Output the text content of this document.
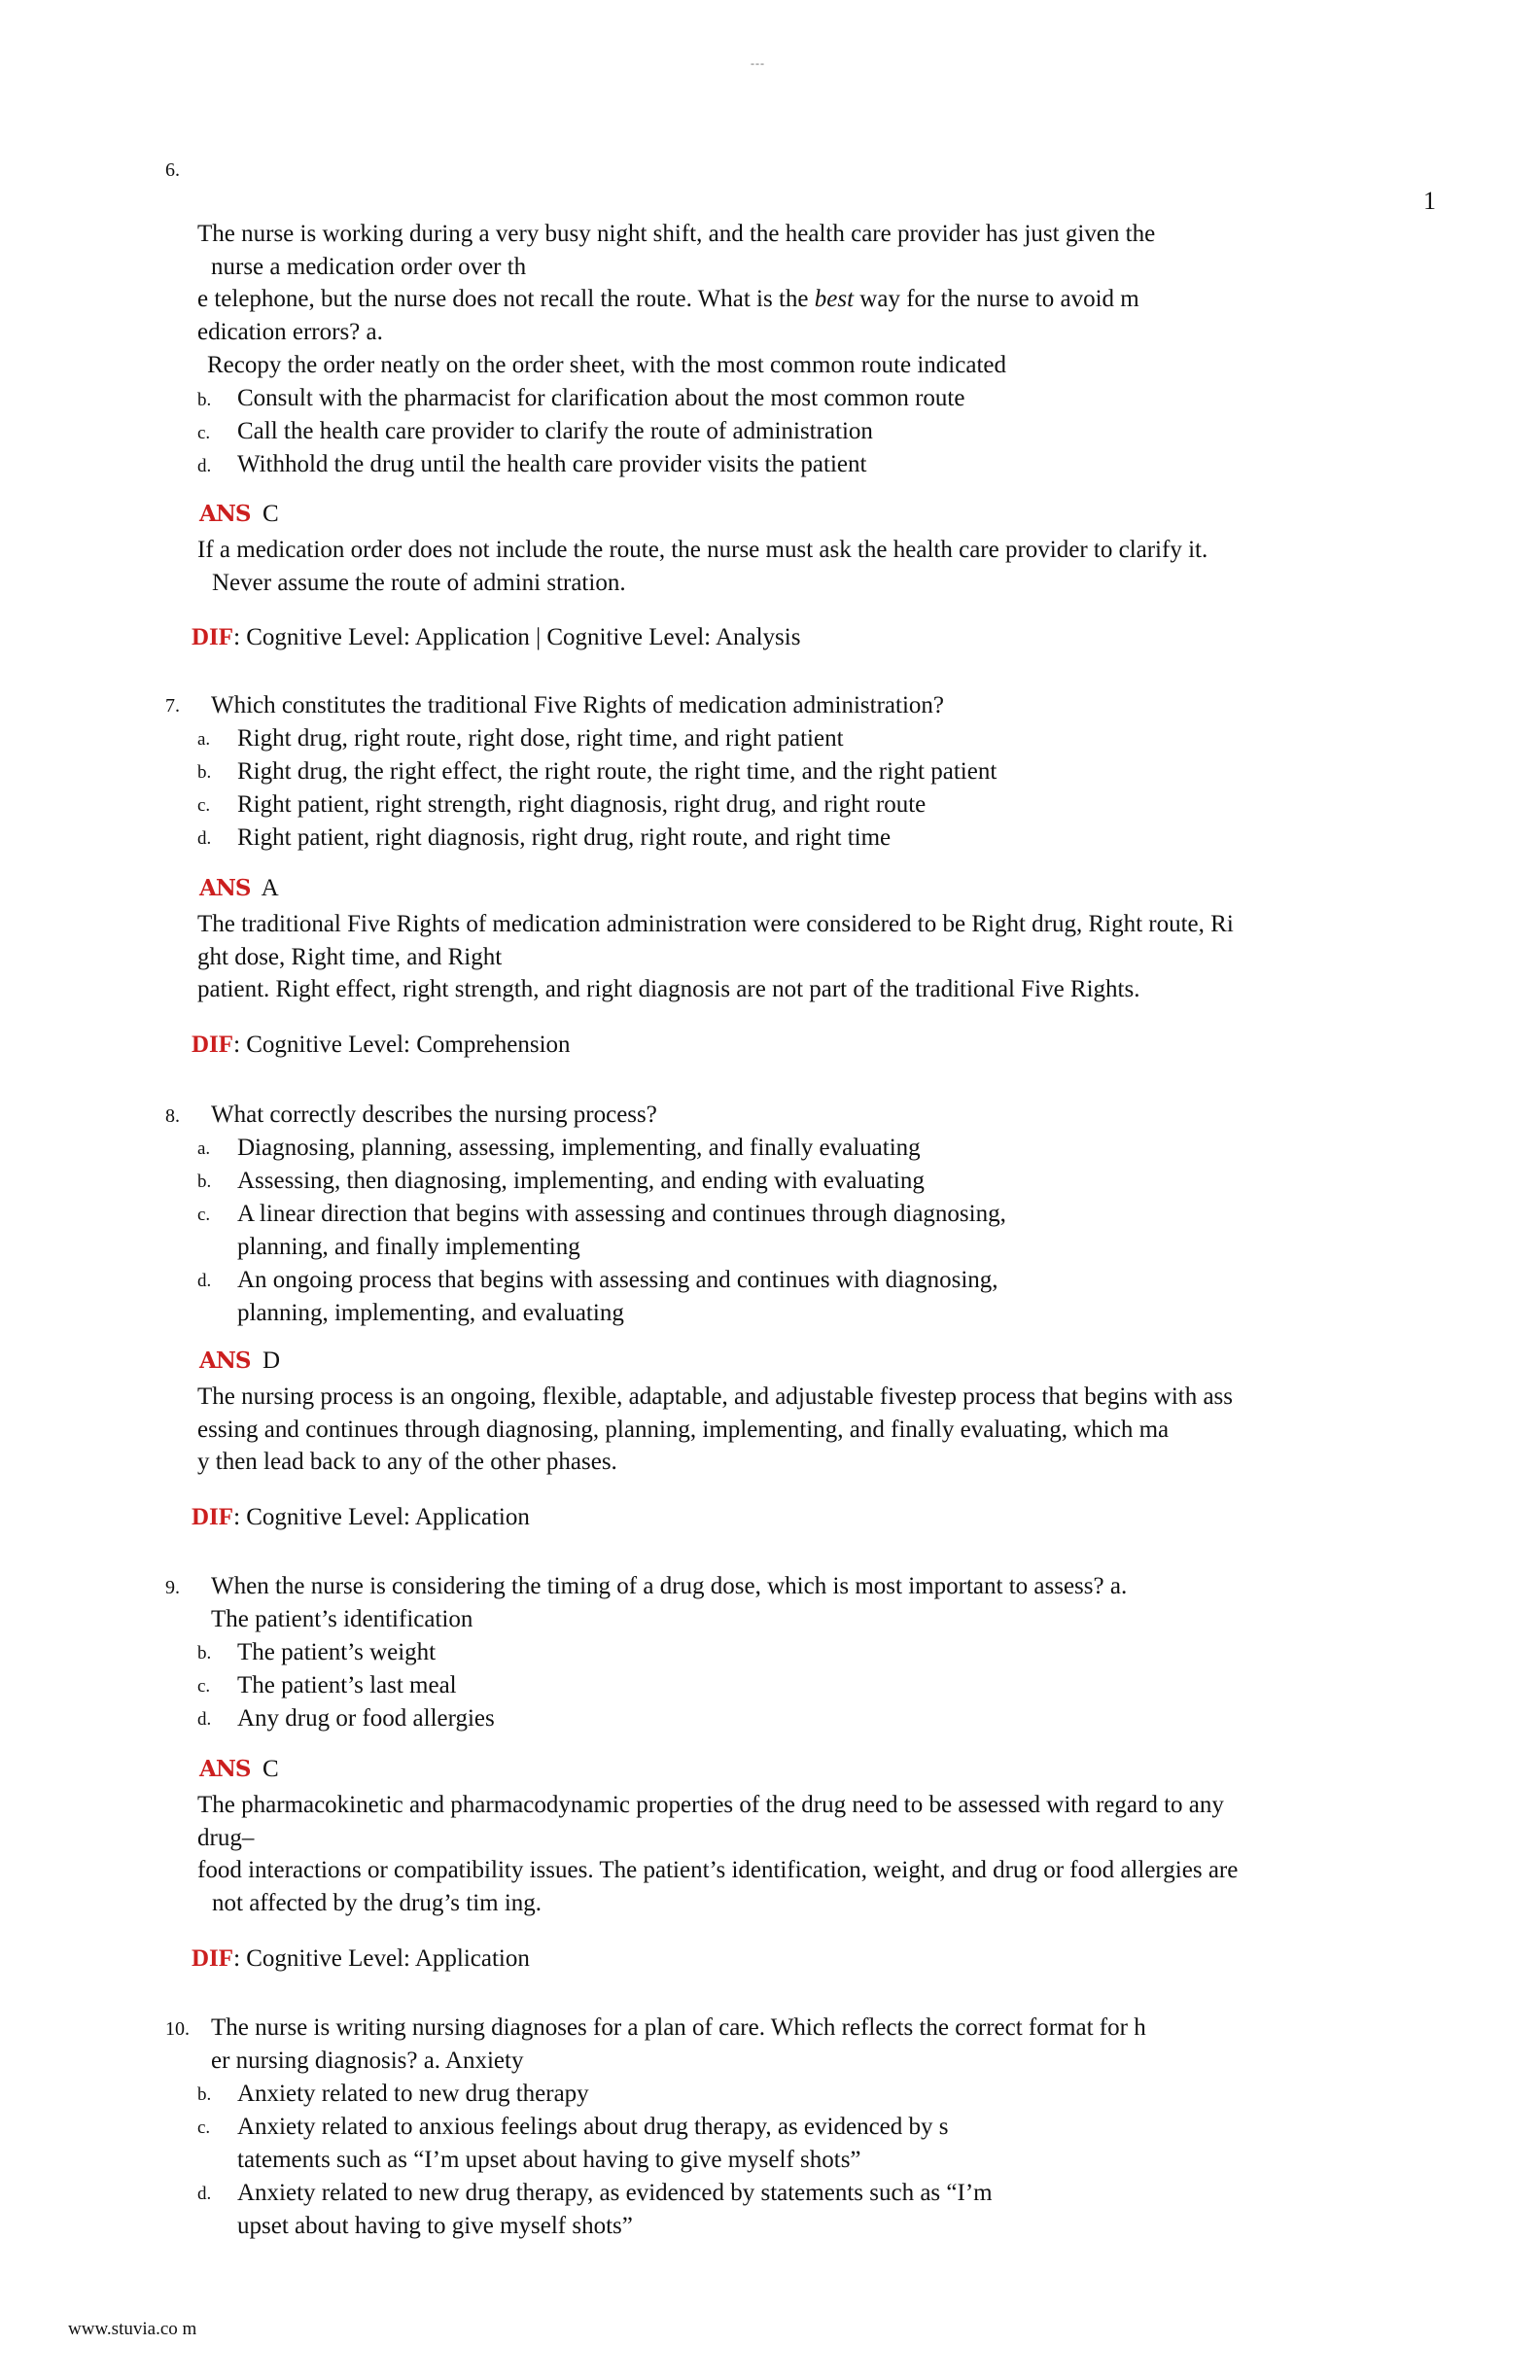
---
1
6.
The nurse is working during a very busy night shift, and the health care provider has just given the
nurse a medication order over th
e telephone, but the nurse does not recall the route. What is the best way for the nurse to avoid m
edication errors? a.
Recopy the order neatly on the order sheet, with the most common route indicated
b. Consult with the pharmacist for clarification about the most common route
c. Call the health care provider to clarify the route of administration
d. Withhold the drug until the health care provider visits the patient
ANS C
If a medication order does not include the route, the nurse must ask the health care provider to clarify it.
Never assume the route of admini stration.
DIF: Cognitive Level: Application | Cognitive Level: Analysis
7. Which constitutes the traditional Five Rights of medication administration?
a. Right drug, right route, right dose, right time, and right patient
b. Right drug, the right effect, the right route, the right time, and the right patient
c. Right patient, right strength, right diagnosis, right drug, and right route
d. Right patient, right diagnosis, right drug, right route, and right time
ANS A
The traditional Five Rights of medication administration were considered to be Right drug, Right route, Ri
ght dose, Right time, and Right
patient. Right effect, right strength, and right diagnosis are not part of the traditional Five Rights.
DIF: Cognitive Level: Comprehension
8. What correctly describes the nursing process?
a. Diagnosing, planning, assessing, implementing, and finally evaluating
b. Assessing, then diagnosing, implementing, and ending with evaluating
c. A linear direction that begins with assessing and continues through diagnosing,
planning, and finally implementing
d. An ongoing process that begins with assessing and continues with diagnosing,
planning, implementing, and evaluating
ANS D
The nursing process is an ongoing, flexible, adaptable, and adjustable fivestep process that begins with ass
essing and continues through diagnosing, planning, implementing, and finally evaluating, which ma
y then lead back to any of the other phases.
DIF: Cognitive Level: Application
9. When the nurse is considering the timing of a drug dose, which is most important to assess? a.
The patient’s identification
b. The patient’s weight
c. The patient’s last meal
d. Any drug or food allergies
ANS C
The pharmacokinetic and pharmacodynamic properties of the drug need to be assessed with regard to any
drug–
food interactions or compatibility issues. The patient’s identification, weight, and drug or food allergies are
not affected by the drug’s tim ing.
DIF: Cognitive Level: Application
10. The nurse is writing nursing diagnoses for a plan of care. Which reflects the correct format for h
er nursing diagnosis? a. Anxiety
b. Anxiety related to new drug therapy
c. Anxiety related to anxious feelings about drug therapy, as evidenced by s
tatements such as “I’m upset about having to give myself shots”
d. Anxiety related to new drug therapy, as evidenced by statements such as “I’m
upset about having to give myself shots”
www.stuvia.co m
